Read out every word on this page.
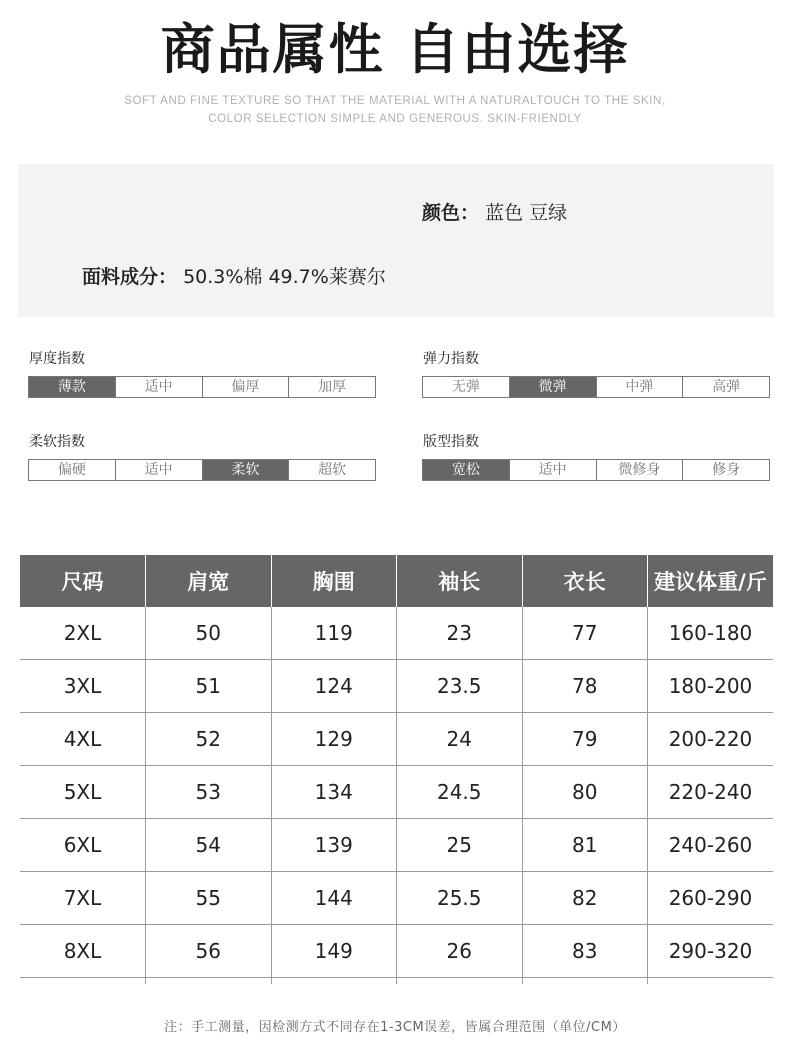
商品属性 自由选择
SOFT AND FINE TEXTURE SO THAT THE MATERIAL WITH A NATURALTOUCH TO THE SKIN,
COLOR SELECTION SIMPLE AND GENEROUS. SKIN-FRIENDLY
颜色： 蓝色 豆绿
面料成分： 50.3%棉 49.7%莱赛尔
厚度指数
薄款	适中	偏厚	加厚
弹力指数
无弹	微弹	中弹	高弹
柔软指数
偏硬	适中	柔软	超软
版型指数
宽松	适中	微修身	修身
尺码	肩宽	胸围	袖长	衣长	建议体重/斤
2XL	50	119	23	77	160-180
3XL	51	124	23.5	78	180-200
4XL	52	129	24	79	200-220
5XL	53	134	24.5	80	220-240
6XL	54	139	25	81	240-260
7XL	55	144	25.5	82	260-290
8XL	56	149	26	83	290-320

注：手工测量，因检测方式不同存在1-3CM误差，皆属合理范围（单位/CM）
